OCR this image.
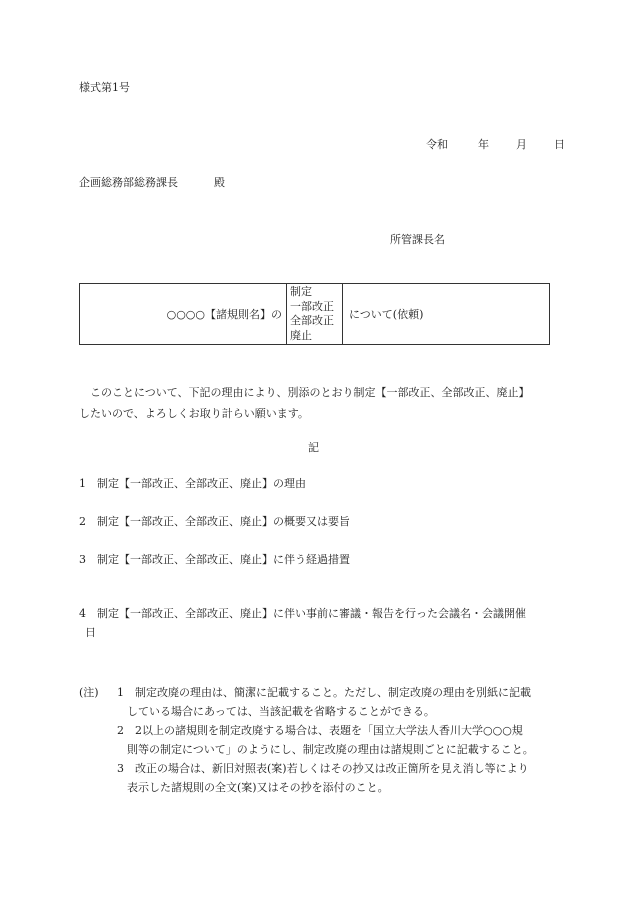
様式第1号
令和	年 月 日
企画総務部総務課長	殿
所管課長名
○○○○【諸規則名】の
制定
一部改正
全部改正
廃止
について(依頼)
このことについて、下記の理由により、別添のとおり制定【一部改正、全部改正、廃止】
したいので、よろしくお取り計らい願います。
記
1 制定【一部改正、全部改正、廃止】の理由
2 制定【一部改正、全部改正、廃止】の概要又は要旨
3 制定【一部改正、全部改正、廃止】に伴う経過措置
4 制定【一部改正、全部改正、廃止】に伴い事前に審議・報告を行った会議名・会議開催
日
(注) 1　制定改廃の理由は、簡潔に記載すること。ただし、制定改廃の理由を別紙に記載
している場合にあっては、当該記載を省略することができる。
2　2以上の諸規則を制定改廃する場合は、表題を「国立大学法人香川大学○○○規
則等の制定について」のようにし、制定改廃の理由は諸規則ごとに記載すること。
3　改正の場合は、新旧対照表(案)若しくはその抄又は改正箇所を見え消し等により
表示した諸規則の全文(案)又はその抄を添付のこと。
